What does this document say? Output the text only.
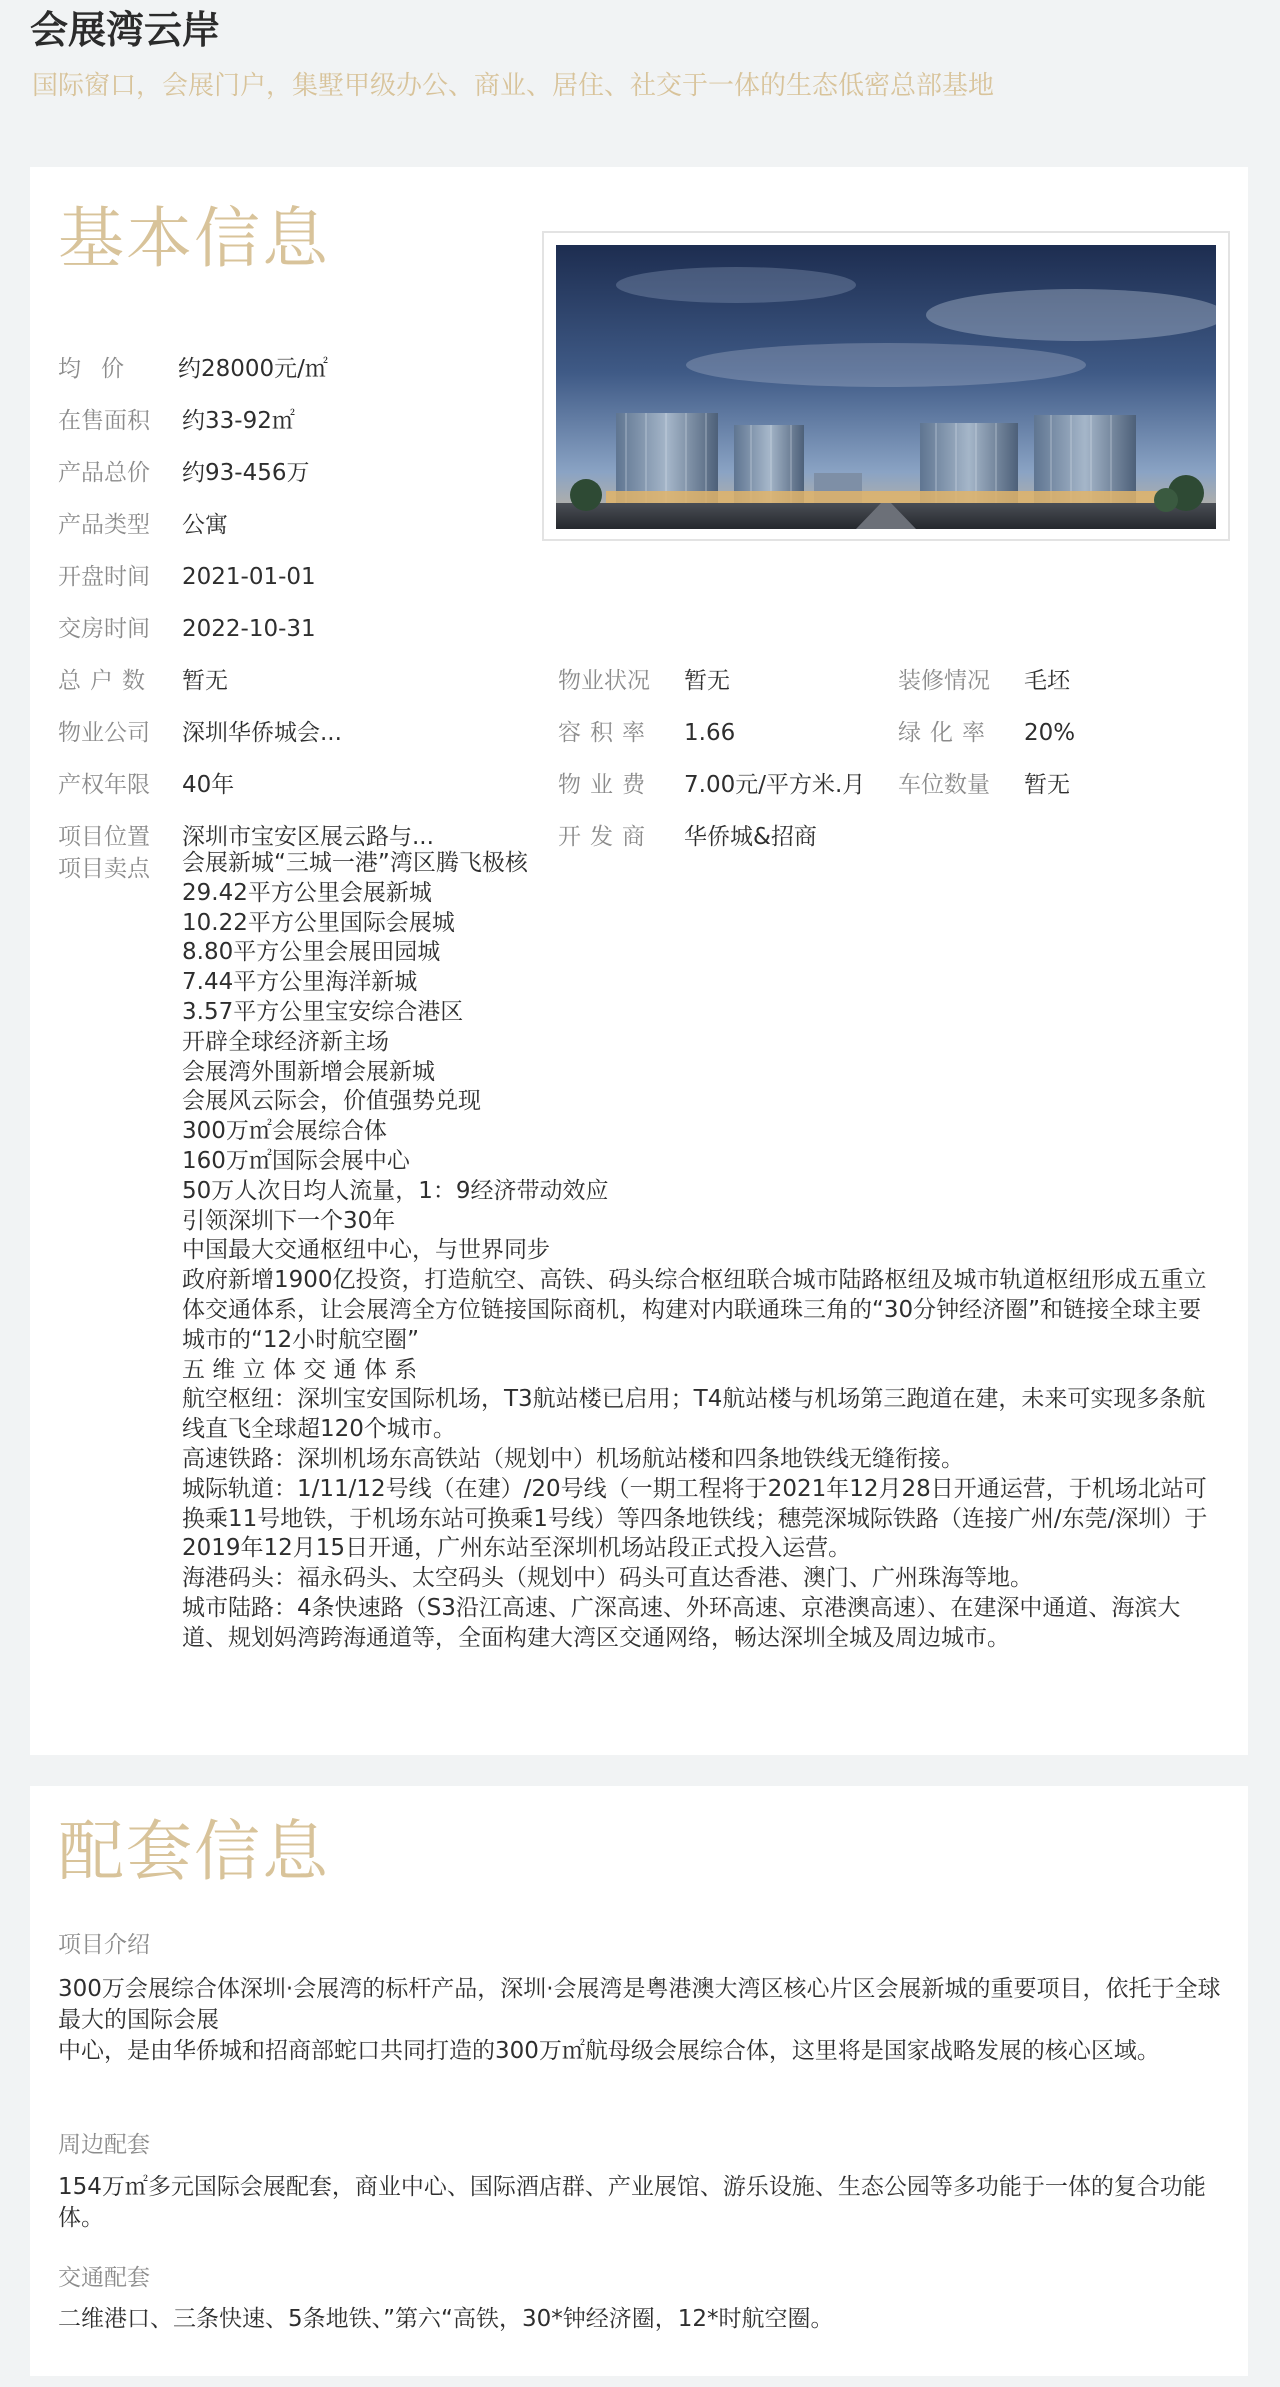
会展湾云岸
国际窗口，会展门户，集墅甲级办公、商业、居住、社交于一体的生态低密总部基地
基本信息
均价 约28000元/㎡
在售面积 约33-92㎡
产品总价 约93-456万
产品类型 公寓
开盘时间 2021-01-01
交房时间 2022-10-31
总户数 暂无	物业状况 暂无	装修情况 毛坯
物业公司 深圳华侨城会...	容积率 1.66	绿化率 20%
产权年限 40年	物业费 7.00元/平方米.月 车位数量 暂无
项目位置 深圳市宝安区展云路与...	开发商 华侨城&招商
项目卖点 会展新城“三城一港”湾区腾飞极核
29.42平方公里会展新城
10.22平方公里国际会展城
8.80平方公里会展田园城
7.44平方公里海洋新城
3.57平方公里宝安综合港区
开辟全球经济新主场
会展湾外围新增会展新城
会展风云际会，价值强势兑现
300万㎡会展综合体
160万㎡国际会展中心
50万人次日均人流量，1：9经济带动效应
引领深圳下一个30年
中国最大交通枢纽中心，与世界同步
政府新增1900亿投资，打造航空、高铁、码头综合枢纽联合城市陆路枢纽及城市轨道枢纽形成五重立体交通体系，让会展湾全方位链接国际商机，构建对内联通珠三角的“30分钟经济圈”和链接全球主要城市的“12小时航空圈”
五 维 立 体 交 通 体 系
航空枢纽：深圳宝安国际机场，T3航站楼已启用；T4航站楼与机场第三跑道在建，未来可实现多条航线直飞全球超120个城市。
高速铁路：深圳机场东高铁站（规划中）机场航站楼和四条地铁线无缝衔接。
城际轨道：1/11/12号线（在建）/20号线（一期工程将于2021年12月28日开通运营，于机场北站可换乘11号地铁，于机场东站可换乘1号线）等四条地铁线；穗莞深城际铁路（连接广州/东莞/深圳）于2019年12月15日开通，广州东站至深圳机场站段正式投入运营。
海港码头：福永码头、太空码头（规划中）码头可直达香港、澳门、广州珠海等地。
城市陆路：4条快速路（S3沿江高速、广深高速、外环高速、京港澳高速）、在建深中通道、海滨大道、规划妈湾跨海通道等，全面构建大湾区交通网络，畅达深圳全城及周边城市。
配套信息
项目介绍
300万会展综合体深圳·会展湾的标杆产品，深圳·会展湾是粤港澳大湾区核心片区会展新城的重要项目，依托于全球最大的国际会展
中心，是由华侨城和招商部蛇口共同打造的300万㎡航母级会展综合体，这里将是国家战略发展的核心区域。
周边配套
154万㎡多元国际会展配套，商业中心、国际酒店群、产业展馆、游乐设施、生态公园等多功能于一体的复合功能体。
交通配套
二维港口、三条快速、5条地铁、”第六“高铁，30*钟经济圈，12*时航空圈。
